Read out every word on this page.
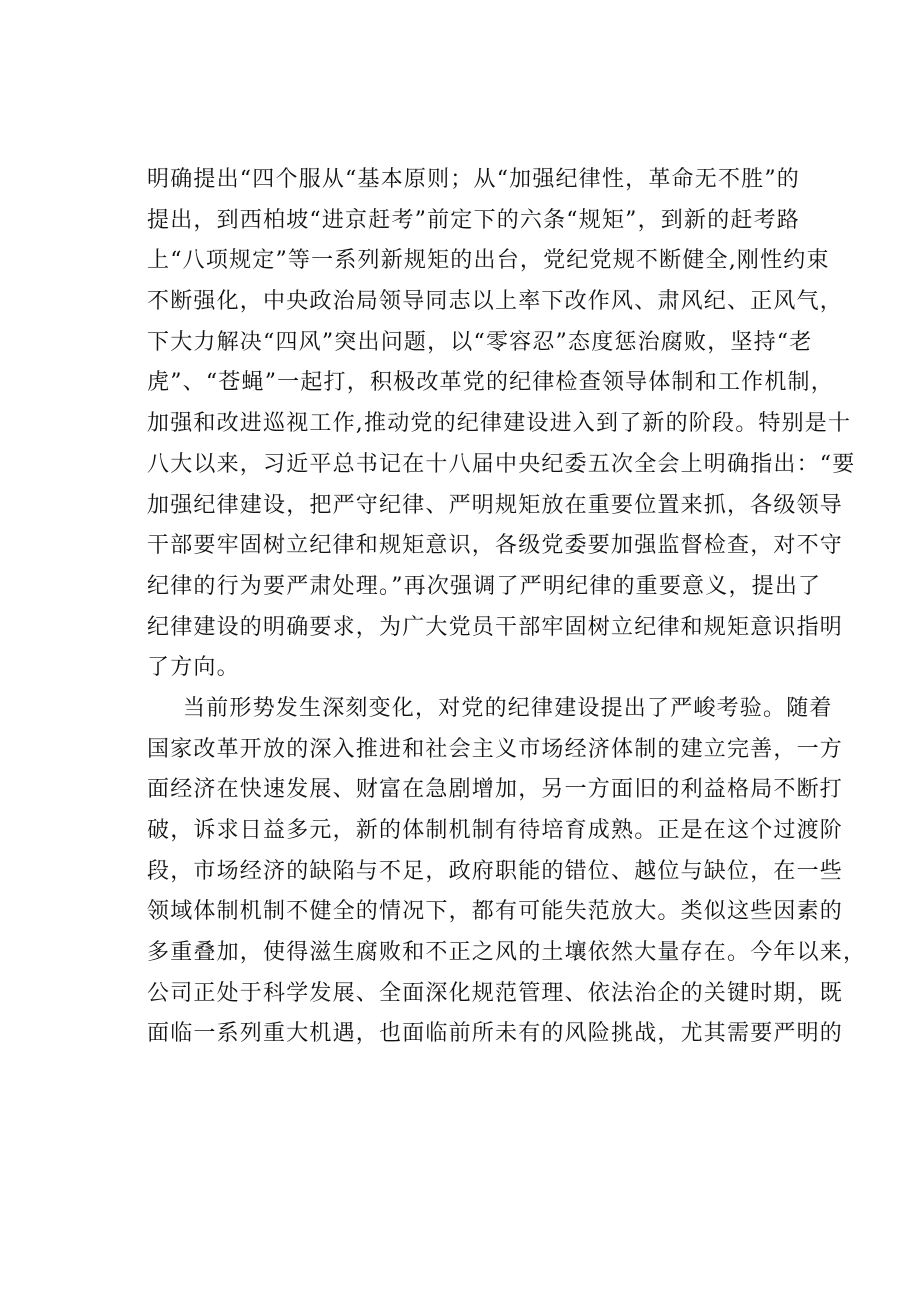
明确提出“四个服从“基本原则；从“加强纪律性，革命无不胜”的
提出，到西柏坡“进京赶考”前定下的六条“规矩”，到新的赶考路
上“八项规定”等一系列新规矩的出台，党纪党规不断健全,刚性约束
不断强化，中央政治局领导同志以上率下改作风、肃风纪、正风气，
下大力解决“四风”突出问题，以“零容忍”态度惩治腐败，坚持“老
虎”、“苍蝇”一起打，积极改革党的纪律检查领导体制和工作机制，
加强和改进巡视工作,推动党的纪律建设进入到了新的阶段。特别是十
八大以来，习近平总书记在十八届中央纪委五次全会上明确指出：“要
加强纪律建设，把严守纪律、严明规矩放在重要位置来抓，各级领导
干部要牢固树立纪律和规矩意识，各级党委要加强监督检查，对不守
纪律的行为要严肃处理。”再次强调了严明纪律的重要意义，提出了
纪律建设的明确要求，为广大党员干部牢固树立纪律和规矩意识指明
了方向。
当前形势发生深刻变化，对党的纪律建设提出了严峻考验。随着
国家改革开放的深入推进和社会主义市场经济体制的建立完善，一方
面经济在快速发展、财富在急剧增加，另一方面旧的利益格局不断打
破，诉求日益多元，新的体制机制有待培育成熟。正是在这个过渡阶
段，市场经济的缺陷与不足，政府职能的错位、越位与缺位，在一些
领域体制机制不健全的情况下，都有可能失范放大。类似这些因素的
多重叠加，使得滋生腐败和不正之风的土壤依然大量存在。今年以来，
公司正处于科学发展、全面深化规范管理、依法治企的关键时期，既
面临一系列重大机遇，也面临前所未有的风险挑战，尤其需要严明的
